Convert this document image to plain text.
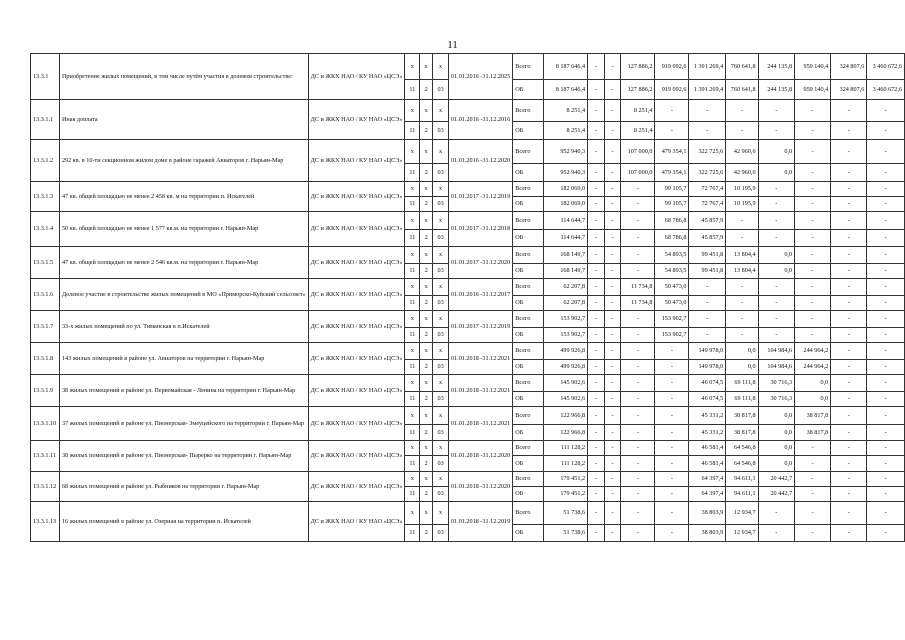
11
13.3.1	Приобретение жилых помещений, в том числе путём участия в долевом строительстве:	ДС и ЖКХ НАО / КУ НАО «ЦСЭ»	x	x	x	01.01.2016 -31.12.2025	Всего	8 187 646,4	-	-	127 886,2	919 092,6	1 391 269,4	760 641,8	244 135,8	959 140,4	324 807,6	3 460 672,6
			11	2	03		ОБ	8 187 646,4	-	-	127 886,2	919 092,6	1 391 269,4	760 641,8	244 135,8	959 140,4	324 807,6	3 460 672,6
13.3.1.1	Иная доплата	ДС и ЖКХ НАО / КУ НАО «ЦСЭ»	x	x	x	01.01.2016 -31.12.2016	Всего	8 251,4	-	-	8 251,4	-	-	-	-	-	-	-
			11	2	03		ОБ	8 251,4	-	-	8 251,4	-	-	-	-	-	-	-
13.3.1.2	292 кв. в 10-ти секционном жилом доме в районе гаражей Авиаторов г. Нарьян-Мар	ДС и ЖКХ НАО / КУ НАО «ЦСЭ»	x	x	x	01.01.2016 -31.12.2020	Всего	952 940,3	-	-	107 000,0	479 354,1	322 725,6	42 960,6	0,0	-	-	-
			11	2	03		ОБ	952 940,3	-	-	107 000,0	479 354,1	322 725,6	42 960,6	0,0	-	-	-
13.3.1.3	47 кв. общей площадью не менее 2 458 кв. м на территории п. Искателей	ДС и ЖКХ НАО / КУ НАО «ЦСЭ»	x	x	x	01.01.2017 -31.12.2019	Всего	182 069,0	-	-	-	99 105,7	72 767,4	10 195,9	-	-	-	-
			11	2	03		ОБ	182 069,0	-	-	-	99 105,7	72 767,4	10 195,9	-	-	-	-
13.3.1.4	50 кв. общей площадью не менее 1 577 кв.м. на территории г. Нарьян-Мар	ДС и ЖКХ НАО / КУ НАО «ЦСЭ»	x	x	x	01.01.2017 -31.12.2018	Всего	114 644,7	-	-	-	68 786,8	45 857,9	-	-	-	-	-
			11	2	03		ОБ	114 644,7	-	-	-	68 786,8	45 857,9	-	-	-	-	-
13.3.1.5	47 кв. общей площадью не менее 2 546 кв.м. на территории г. Нарьян-Мар	ДС и ЖКХ НАО / КУ НАО «ЦСЭ»	x	x	x	01.01.2017 -31.12.2020	Всего	168 149,7	-	-	-	54 893,5	99 451,8	13 804,4	0,0	-	-	-
			11	2	03		ОБ	168 149,7	-	-	-	54 893,5	99 451,8	13 804,4	0,0	-	-	-
13.3.1.6	Долевое участие в строительстве жилых помещений в МО «Приморско-Куйский сельсовет»	ДС и ЖКХ НАО / КУ НАО «ЦСЭ»	x	x	x	01.01.2016 -31.12.2017	Всего	62 207,8	-	-	11 734,8	50 473,0	-	-	-	-	-	-
			11	2	03		ОБ	62 207,8	-	-	11 734,8	50 473,0	-	-	-	-	-	-
13.3.1.7	33-х жилых помещений по ул. Тиманская в п.Искателей	ДС и ЖКХ НАО / КУ НАО «ЦСЭ»	x	x	x	01.01.2017 -31.12.2019	Всего	153 902,7	-	-	-	153 902,7	-	-	-	-	-	-
			11	2	03		ОБ	153 902,7	-	-	-	153 902,7	-	-	-	-	-	-
13.3.1.8	143 жилых помещений в районе ул. Авиаторов на территории г. Нарьян-Мар	ДС и ЖКХ НАО / КУ НАО «ЦСЭ»	x	x	x	01.01.2018 -31.12.2021	Всего	499 926,8	-	-	-	-	149 978,0	0,0	104 984,6	244 964,2	-	-
			11	2	03		ОБ	499 926,8	-	-	-	-	149 978,0	0,0	104 984,6	244 964,2	-	-
13.3.1.9	38 жилых помещений в районе ул. Первомайская - Ленина на территории г. Нарьян-Мар	ДС и ЖКХ НАО / КУ НАО «ЦСЭ»	x	x	x	01.01.2018 -31.12.2021	Всего	145 902,6	-	-	-	-	46 074,5	69 111,8	30 716,3	0,0	-	-
			11	2	03		ОБ	145 902,6	-	-	-	-	46 074,5	69 111,8	30 716,3	0,0	-	-
13.3.1.10	37 жилых помещений в районе ул. Пионерская- Змеуцейского на территории г. Нарьян-Мар	ДС и ЖКХ НАО / КУ НАО «ЦСЭ»	x	x	x	01.01.2018 -31.12.2021	Всего	122 966,8	-	-	-	-	45 331,2	38 817,8	0,0	38 817,8	-	-
			11	2	03		ОБ	122 966,8	-	-	-	-	45 331,2	38 817,8	0,0	38 817,8	-	-
13.3.1.11	38 жилых помещений в районе ул. Пионерская- Пырерко на территории г. Нарьян-Мар	ДС и ЖКХ НАО / КУ НАО «ЦСЭ»	x	x	x	01.01.2018 -31.12.2020	Всего	111 128,2	-	-	-	-	46 581,4	64 546,8	0,0	-	-	-
			11	2	03		ОБ	111 128,2	-	-	-	-	46 581,4	64 546,8	0,0	-	-	-
13.3.1.12	68 жилых помещений в районе ул. Рыбников на территории г. Нарьян-Мар	ДС и ЖКХ НАО / КУ НАО «ЦСЭ»	x	x	x	01.01.2018 -31.12.2020	Всего	179 451,2	-	-	-	-	64 397,4	94 611,1	20 442,7	-	-	-
			11	2	03		ОБ	179 451,2	-	-	-	-	64 397,4	94 611,1	20 442,7	-	-	-
13.3.1.13	16 жилых помещений в районе ул. Озерная на территории п. Искателей	ДС и ЖКХ НАО / КУ НАО «ЦСЭ»	x	x	x	01.01.2018 -31.12.2019	Всего	51 738,6	-	-	-	-	38 803,9	12 934,7	-	-	-	-
			11	2	03		ОБ	51 738,6	-	-	-	-	38 803,9	12 934,7	-	-	-	-
